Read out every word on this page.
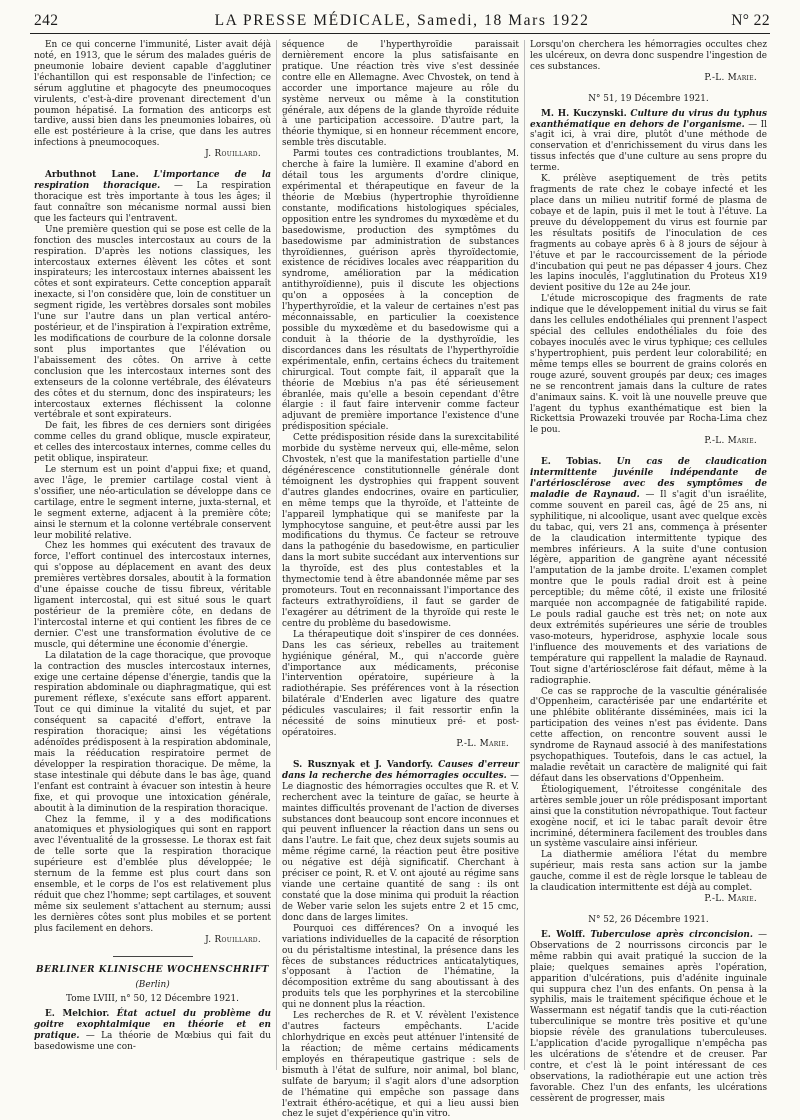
242	LA PRESSE MÉDICALE, Samedi, 18 Mars 1922	N° 22

En ce qui concerne l'immunité, Lister avait déjà noté, en 1913, que le sérum des malades guéris de pneumonie lobaire devient capable d'agglutiner l'échantillon qui est responsable de l'infection; ce sérum agglutine et phagocyte des pneumocoques virulents, c'est-à-dire provenant directement d'un poumon hépatisé. La formation des anticorps est tardive, aussi bien dans les pneumonies lobaires, où elle est postérieure à la crise, que dans les autres infections à pneumocoques.

J. Rouillard.

Arbuthnot Lane. L'importance de la respiration thoracique. — La respiration thoracique est très importante à tous les âges; il faut connaître son mécanisme normal aussi bien que les facteurs qui l'entravent.

Une première question qui se pose est celle de la fonction des muscles intercostaux au cours de la respiration. D'après les notions classiques, les intercostaux externes élèvent les côtes et sont inspirateurs; les intercostaux internes abaissent les côtes et sont expirateurs. Cette conception apparaît inexacte, si l'on considère que, loin de constituer un segment rigide, les vertèbres dorsales sont mobiles l'une sur l'autre dans un plan vertical antéro-postérieur, et de l'inspiration à l'expiration extrême, les modifications de courbure de la colonne dorsale sont plus importantes que l'élévation ou l'abaissement des côtes. On arrive à cette conclusion que les intercostaux internes sont des extenseurs de la colonne vertébrale, des élévateurs des côtes et du sternum, donc des inspirateurs; les intercostaux externes fléchissent la colonne vertébrale et sont expirateurs.

De fait, les fibres de ces derniers sont dirigées comme celles du grand oblique, muscle expirateur, et celles des intercostaux internes, comme celles du petit oblique, inspirateur.

Le sternum est un point d'appui fixe; et quand, avec l'âge, le premier cartilage costal vient à s'ossifier, une néo-articulation se développe dans ce cartilage, entre le segment interne, juxta-sternal, et le segment externe, adjacent à la première côte; ainsi le sternum et la colonne vertébrale conservent leur mobilité relative.

Chez les hommes qui exécutent des travaux de force, l'effort continuel des intercostaux internes, qui s'oppose au déplacement en avant des deux premières vertèbres dorsales, aboutit à la formation d'une épaisse couche de tissu fibreux, véritable ligament intercostal, qui est situé sous le quart postérieur de la première côte, en dedans de l'intercostal interne et qui contient les fibres de ce dernier. C'est une transformation évolutive de ce muscle, qui détermine une économie d'énergie.

La dilatation de la cage thoracique, que provoque la contraction des muscles intercostaux internes, exige une certaine dépense d'énergie, tandis que la respiration abdominale ou diaphragmatique, qui est purement réflexe, s'exécute sans effort apparent. Tout ce qui diminue la vitalité du sujet, et par conséquent sa capacité d'effort, entrave la respiration thoracique; ainsi les végétations adénoïdes prédisposent à la respiration abdominale, mais la rééducation respiratoire permet de développer la respiration thoracique. De même, la stase intestinale qui débute dans le bas âge, quand l'enfant est contraint à évacuer son intestin à heure fixe, et qui provoque une intoxication générale, aboutit à la diminution de la respiration thoracique.

Chez la femme, il y a des modifications anatomiques et physiologiques qui sont en rapport avec l'éventualité de la grossesse. Le thorax est fait de telle sorte que la respiration thoracique supérieure est d'emblée plus développée; le sternum de la femme est plus court dans son ensemble, et le corps de l'os est relativement plus réduit que chez l'homme; sept cartilages, et souvent même six seulement s'attachent au sternum; aussi les dernières côtes sont plus mobiles et se portent plus facilement en dehors.

J. Rouillard.

BERLINER KLINISCHE WOCHENSCHRIFT

(Berlin)

Tome LVIII, n° 50, 12 Décembre 1921.

E. Melchior. État actuel du problème du goitre exophtalmique en théorie et en pratique. — La théorie de Mœbius qui fait du basedowisme une con-

séquence de l'hyperthyroïdie paraissait dernièrement encore la plus satisfaisante en pratique. Une réaction très vive s'est dessinée contre elle en Allemagne. Avec Chvostek, on tend à accorder une importance majeure au rôle du système nerveux ou même à la constitution générale, aux dépens de la glande thyroïde réduite à une participation accessoire. D'autre part, la théorie thymique, si en honneur récemment encore, semble très discutable.

Parmi toutes ces contradictions troublantes, M. cherche à faire la lumière. Il examine d'abord en détail tous les arguments d'ordre clinique, expérimental et thérapeutique en faveur de la théorie de Mœbius (hypertrophie thyroïdienne constante, modifications histologiques spéciales, opposition entre les syndromes du myxœdème et du basedowisme, production des symptômes du basedowisme par administration de substances thyroïdiennes, guérison après thyroïdectomie, existence de récidives locales avec réapparition du syndrome, amélioration par la médication antithyroïdienne), puis il discute les objections qu'on a opposées à la conception de l'hyperthyroïdie, et la valeur de certaines n'est pas méconnaissable, en particulier la coexistence possible du myxœdème et du basedowisme qui a conduit à la théorie de la dysthyroïdie, les discordances dans les résultats de l'hyperthyroïdie expérimentale, enfin, certains échecs du traitement chirurgical. Tout compte fait, il apparaît que la théorie de Mœbius n'a pas été sérieusement ébranlée, mais qu'elle a besoin cependant d'être élargie : il faut faire intervenir comme facteur adjuvant de première importance l'existence d'une prédisposition spéciale.

Cette prédisposition réside dans la surexcitabilité morbide du système nerveux qui, elle-même, selon Chvostek, n'est que la manifestation partielle d'une dégénérescence constitutionnelle générale dont témoignent les dystrophies qui frappent souvent d'autres glandes endocrines, ovaire en particulier, en même temps que la thyroïde, et l'atteinte de l'appareil lymphatique qui se manifeste par la lymphocytose sanguine, et peut-être aussi par les modifications du thymus. Ce facteur se retrouve dans la pathogénie du basedowisme, en particulier dans la mort subite succédant aux interventions sur la thyroïde, est des plus contestables et la thymectomie tend à être abandonnée même par ses promoteurs. Tout en reconnaissant l'importance des facteurs extrathyroïdiens, il faut se garder de l'exagérer au détriment de la thyroïde qui reste le centre du problème du basedowisme.

La thérapeutique doit s'inspirer de ces données. Dans les cas sérieux, rebelles au traitement hygiénique général, M., qui n'accorde guère d'importance aux médicaments, préconise l'intervention opératoire, supérieure à la radiothérapie. Ses préférences vont à la résection bilatérale d'Enderlen avec ligature des quatre pédicules vasculaires; il fait ressortir enfin la nécessité de soins minutieux pré- et post-opératoires.

P.-L. Marie.

S. Rusznyak et J. Vandorfy. Causes d'erreur dans la recherche des hémorragies occultes. — Le diagnostic des hémorragies occultes que R. et V. recherchent avec la teinture de gaïac, se heurte à maintes difficultés provenant de l'action de diverses substances dont beaucoup sont encore inconnues et qui peuvent influencer la réaction dans un sens ou dans l'autre. Le fait que, chez deux sujets soumis au même régime carné, la réaction peut être positive ou négative est déjà significatif. Cherchant à préciser ce point, R. et V. ont ajouté au régime sans viande une certaine quantité de sang : ils ont constaté que la dose minima qui produit la réaction de Weber varie selon les sujets entre 2 et 15 cmc, donc dans de larges limites.

Pourquoi ces différences? On a invoqué les variations individuelles de la capacité de résorption ou du péristaltisme intestinal, la présence dans les fèces de substances réductrices anticatalytiques, s'opposant à l'action de l'hématine, la décomposition extrême du sang aboutissant à des produits tels que les porphyrines et la stercobiline qui ne donnent plus la réaction.

Les recherches de R. et V. révèlent l'existence d'autres facteurs empêchants. L'acide chlorhydrique en excès peut atténuer l'intensité de la réaction; de même certains médicaments employés en thérapeutique gastrique : sels de bismuth à l'état de sulfure, noir animal, bol blanc, sulfate de baryum; il s'agit alors d'une adsorption de l'hématine qui empêche son passage dans l'extrait éthéro-acétique, et qui a lieu aussi bien chez le sujet d'expérience qu'in vitro.

Lorsqu'on cherchera les hémorragies occultes chez les ulcéreux, on devra donc suspendre l'ingestion de ces substances.

P.-L. Marie.

N° 51, 19 Décembre 1921.

M. H. Kuczynski. Culture du virus du typhus exanthématique en dehors de l'organisme. — Il s'agit ici, à vrai dire, plutôt d'une méthode de conservation et d'enrichissement du virus dans les tissus infectés que d'une culture au sens propre du terme.

K. prélève aseptiquement de très petits fragments de rate chez le cobaye infecté et les place dans un milieu nutritif formé de plasma de cobaye et de lapin, puis il met le tout à l'étuve. La preuve du développement du virus est fournie par les résultats positifs de l'inoculation de ces fragments au cobaye après 6 à 8 jours de séjour à l'étuve et par le raccourcissement de la période d'incubation qui peut ne pas dépasser 4 jours. Chez les lapins inoculés, l'agglutination du Proteus X19 devient positive du 12e au 24e jour.

L'étude microscopique des fragments de rate indique que le développement initial du virus se fait dans les cellules endothéliales qui prennent l'aspect spécial des cellules endothéliales du foie des cobayes inoculés avec le virus typhique; ces cellules s'hypertrophient, puis perdent leur colorabilité; en même temps elles se bourrent de grains colorés en rouge azuré, souvent groupés par deux; ces images ne se rencontrent jamais dans la culture de rates d'animaux sains. K. voit là une nouvelle preuve que l'agent du typhus exanthématique est bien la Rickettsia Prowazeki trouvée par Rocha-Lima chez le pou.

P.-L. Marie.

E. Tobias. Un cas de claudication intermittente juvénile indépendante de l'artériosclérose avec des symptômes de maladie de Raynaud. — Il s'agit d'un israélite, comme souvent en pareil cas, âgé de 25 ans, ni syphilitique, ni alcoolique, usant avec quelque excès du tabac, qui, vers 21 ans, commença à présenter de la claudication intermittente typique des membres inférieurs. A la suite d'une contusion légère, apparition de gangrène ayant nécessité l'amputation de la jambe droite. L'examen complet montre que le pouls radial droit est à peine perceptible; du même côté, il existe une frilosité marquée non accompagnée de fatigabilité rapide. Le pouls radial gauche est très net; on note aux deux extrémités supérieures une série de troubles vaso-moteurs, hyperidrose, asphyxie locale sous l'influence des mouvements et des variations de température qui rappellent la maladie de Raynaud. Tout signe d'artériosclérose fait défaut, même à la radiographie.

Ce cas se rapproche de la vascultie généralisée d'Oppenheim, caractérisée par une endartérite et une phlébite oblitérante disséminées, mais ici la participation des veines n'est pas évidente. Dans cette affection, on rencontre souvent aussi le syndrome de Raynaud associé à des manifestations psychopathiques. Toutefois, dans le cas actuel, la maladie revêtait un caractère de malignité qui fait défaut dans les observations d'Oppenheim.

Étiologiquement, l'étroitesse congénitale des artères semble jouer un rôle prédisposant important ainsi que la constitution névropathique. Tout facteur exogène nocif, et ici le tabac paraît devoir être incriminé, déterminera facilement des troubles dans un système vasculaire ainsi inférieur.

La diathermie améliora l'état du membre supérieur, mais resta sans action sur la jambe gauche, comme il est de règle lorsque le tableau de la claudication intermittente est déjà au complet.

P.-L. Marie.

N° 52, 26 Décembre 1921.

E. Wolff. Tuberculose après circoncision. — Observations de 2 nourrissons circoncis par le même rabbin qui avait pratiqué la succion de la plaie; quelques semaines après l'opération, apparition d'ulcérations, puis d'adénite inguinale qui suppura chez l'un des enfants. On pensa à la syphilis, mais le traitement spécifique échoue et le Wassermann est négatif tandis que la cuti-réaction tuberculinique se montre très positive et qu'une biopsie révèle des granulations tuberculeuses. L'application d'acide pyrogallique n'empêcha pas les ulcérations de s'étendre et de creuser. Par contre, et c'est là le point intéressant de ces observations, la radiothérapie eut une action très favorable. Chez l'un des enfants, les ulcérations cessèrent de progresser, mais
